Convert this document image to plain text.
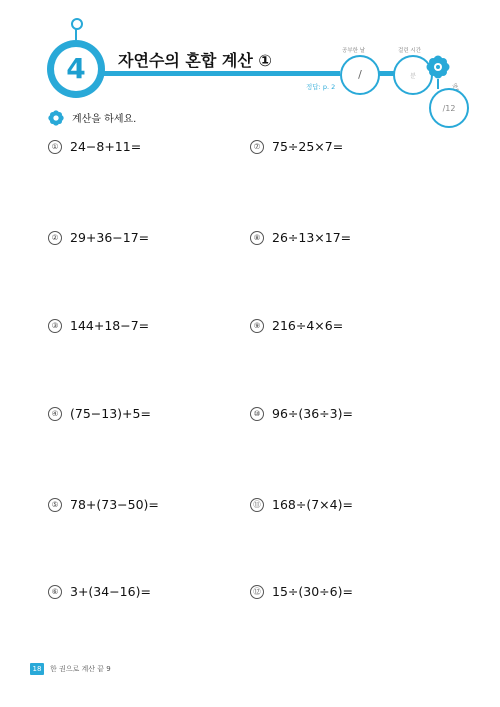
4	자연수의 혼합 계산 ①
정답: p. 2
공부한 날
/
걸린 시간
분
/12
계산을 하세요.
① 24−8+11=
② 29+36−17=
③ 144+18−7=
④ (75−13)+5=
⑤ 78+(73−50)=
⑥ 3+(34−16)=
⑦ 75÷25×7=
⑧ 26÷13×17=
⑨ 216÷4×6=
⑩ 96÷(36÷3)=
⑪ 168÷(7×4)=
⑫ 15÷(30÷6)=
18	한 권으로 계산 끝 9
